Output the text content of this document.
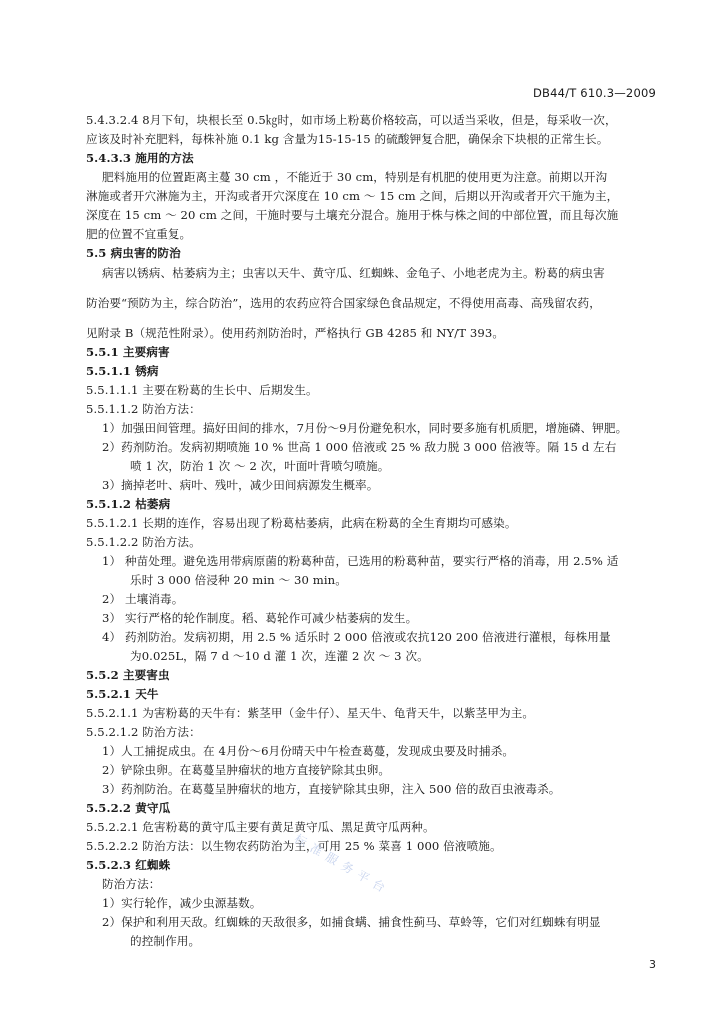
DB44/T 610.3—2009
5.4.3.2.4 8月下旬，块根长至 0.5㎏时，如市场上粉葛价格较高，可以适当采收，但是，每采收一次，
应该及时补充肥料，每株补施 0.1 kg 含量为15-15-15 的硫酸钾复合肥，确保余下块根的正常生长。
5.4.3.3 施用的方法
肥料施用的位置距离主蔓 30 cm ，不能近于 30 cm，特别是有机肥的使用更为注意。前期以开沟
淋施或者开穴淋施为主，开沟或者开穴深度在 10 cm ～ 15 cm 之间，后期以开沟或者开穴干施为主，
深度在 15 cm ～ 20 cm 之间，干施时要与土壤充分混合。施用于株与株之间的中部位置，而且每次施
肥的位置不宜重复。
5.5 病虫害的防治
病害以锈病、枯萎病为主；虫害以天牛、黄守瓜、红蜘蛛、金龟子、小地老虎为主。粉葛的病虫害
防治要“预防为主，综合防治”，选用的农药应符合国家绿色食品规定，不得使用高毒、高残留农药，
见附录 B（规范性附录）。使用药剂防治时，严格执行 GB 4285 和 NY/T 393。
5.5.1 主要病害
5.5.1.1 锈病
5.5.1.1.1 主要在粉葛的生长中、后期发生。
5.5.1.1.2 防治方法：
1）加强田间管理。搞好田间的排水，7月份～9月份避免积水，同时要多施有机质肥，增施磷、钾肥。
2）药剂防治。发病初期喷施 10 % 世高 1 000 倍液或 25 % 敌力脱 3 000 倍液等。隔 15 d 左右
喷 1 次，防治 1 次 ～ 2 次，叶面叶背喷匀喷施。
3）摘掉老叶、病叶、残叶，减少田间病源发生概率。
5.5.1.2 枯萎病
5.5.1.2.1 长期的连作，容易出现了粉葛枯萎病，此病在粉葛的全生育期均可感染。
5.5.1.2.2 防治方法。
1） 种苗处理。避免选用带病原菌的粉葛种苗，已选用的粉葛种苗，要实行严格的消毒，用 2.5% 适
乐时 3 000 倍浸种 20 min ～ 30 min。
2） 土壤消毒。
3） 实行严格的轮作制度。稻、葛轮作可减少枯萎病的发生。
4） 药剂防治。发病初期，用 2.5 % 适乐时 2 000 倍液或农抗120 200 倍液进行灌根，每株用量
为0.025L，隔 7 d ～10 d 灌 1 次，连灌 2 次 ～ 3 次。
5.5.2 主要害虫
5.5.2.1 天牛
5.5.2.1.1 为害粉葛的天牛有：紫茎甲（金牛仔）、星天牛、龟背天牛，以紫茎甲为主。
5.5.2.1.2 防治方法：
1）人工捕捉成虫。在 4月份～6月份晴天中午检查葛蔓，发现成虫要及时捕杀。
2）铲除虫卵。在葛蔓呈肿瘤状的地方直接铲除其虫卵。
3）药剂防治。在葛蔓呈肿瘤状的地方，直接铲除其虫卵，注入 500 倍的敌百虫液毒杀。
5.5.2.2 黄守瓜
5.5.2.2.1 危害粉葛的黄守瓜主要有黄足黄守瓜、黑足黄守瓜两种。
5.5.2.2.2 防治方法：以生物农药防治为主，可用 25 % 菜喜 1 000 倍液喷施。
5.5.2.3 红蜘蛛
防治方法：
1）实行轮作，减少虫源基数。
2）保护和利用天敌。红蜘蛛的天敌很多，如捕食螨、捕食性蓟马、草蛉等，它们对红蜘蛛有明显
的控制作用。
标准服务平台
3
